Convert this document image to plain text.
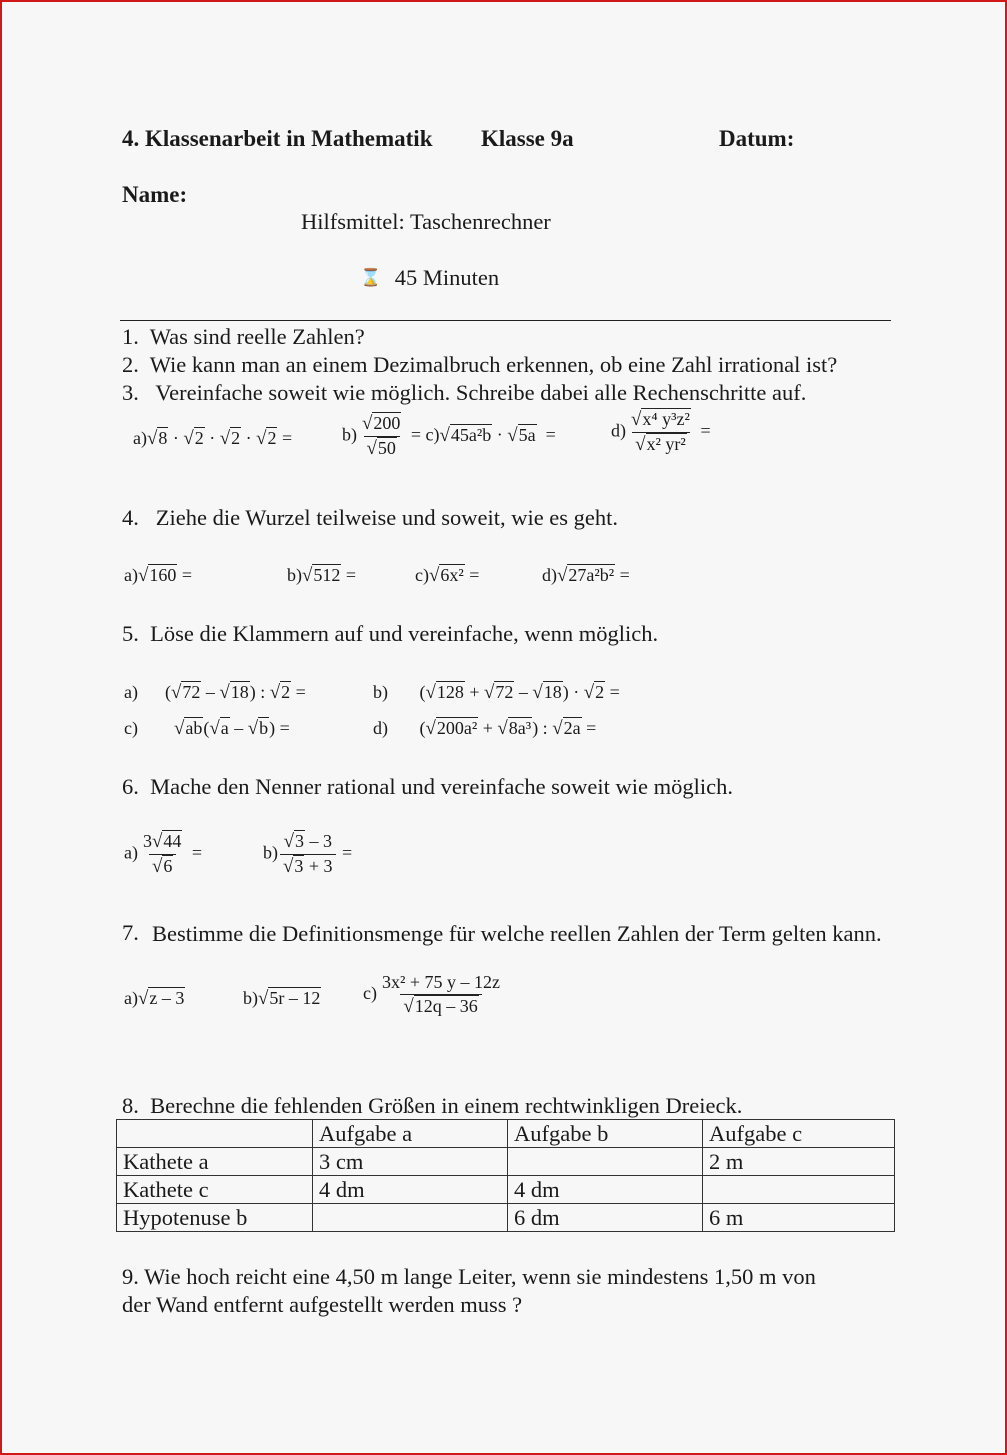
4. Klassenarbeit in Mathematik Klasse 9a	Datum:
Name:
Hilfsmittel: Taschenrechner
⌛ 45 Minuten
1. Was sind reelle Zahlen?
2. Wie kann man an einem Dezimalbruch erkennen, ob eine Zahl irrational ist?
3. Vereinfache soweit wie möglich. Schreibe dabei alle Rechenschritte auf.
a)√8 · √2 · √2 · √2 =	$b) \frac{√200}{√50} = c)√45a^2b \cdot √5a$ =	$d) \frac{\text{√x⁴ y³z²}}{\text{√x² yr²}}$ =
4. Ziehe die Wurzel teilweise und soweit, wie es geht.
a)√160 =	b)√512 =	c)√6x² =	d)√27a²b² =
5. Löse die Klammern auf und vereinfache, wenn möglich.
a)      (√72 – √18) : √2 =	b)       (√128 + √72 – √18) · √2 =
c) √ab(√a – √b) =	d)       (√200a² + √8a³) : √2a =
6. Mache den Nenner rational und vereinfache soweit wie möglich.
$a) \frac{3√44}{√6}$ =	$b) \frac{√3 - 3}{√3 + 3}$ =
7. Bestimme die Definitionsmenge für welche reellen Zahlen der Term gelten kann.
a)√z – 3	b)√5r – 12 $c) \frac{\text{3x² + 75 y – 12z}}{√12q - 36}$
8. Berechne die fehlenden Größen in einem rechtwinkligen Dreieck.
	Aufgabe a	Aufgabe b	Aufgabe c
Kathete a	3 cm		2 m
Kathete c	4 dm	4 dm	
Hypotenuse b		6 dm	6 m
9. Wie hoch reicht eine 4,50 m lange Leiter, wenn sie mindestens 1,50 m von
der Wand entfernt aufgestellt werden muss ?
